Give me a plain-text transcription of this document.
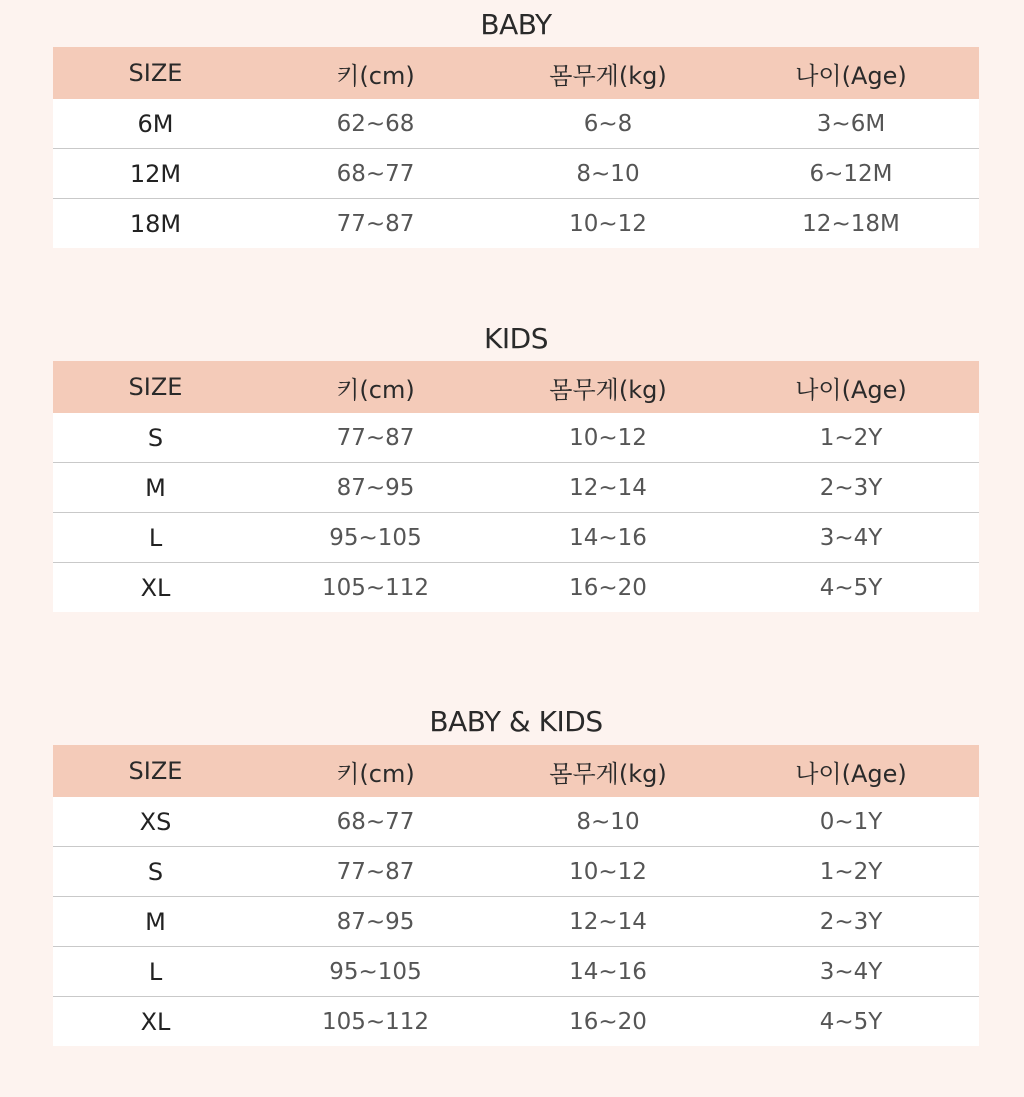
BABY
SIZE	키(cm)	몸무게(kg)	나이(Age)
6M	62~68	6~8	3~6M
12M	68~77	8~10	6~12M
18M	77~87	10~12	12~18M
KIDS
SIZE	키(cm)	몸무게(kg)	나이(Age)
S	77~87	10~12	1~2Y
M	87~95	12~14	2~3Y
L	95~105	14~16	3~4Y
XL	105~112	16~20	4~5Y
BABY & KIDS
SIZE	키(cm)	몸무게(kg)	나이(Age)
XS	68~77	8~10	0~1Y
S	77~87	10~12	1~2Y
M	87~95	12~14	2~3Y
L	95~105	14~16	3~4Y
XL	105~112	16~20	4~5Y
